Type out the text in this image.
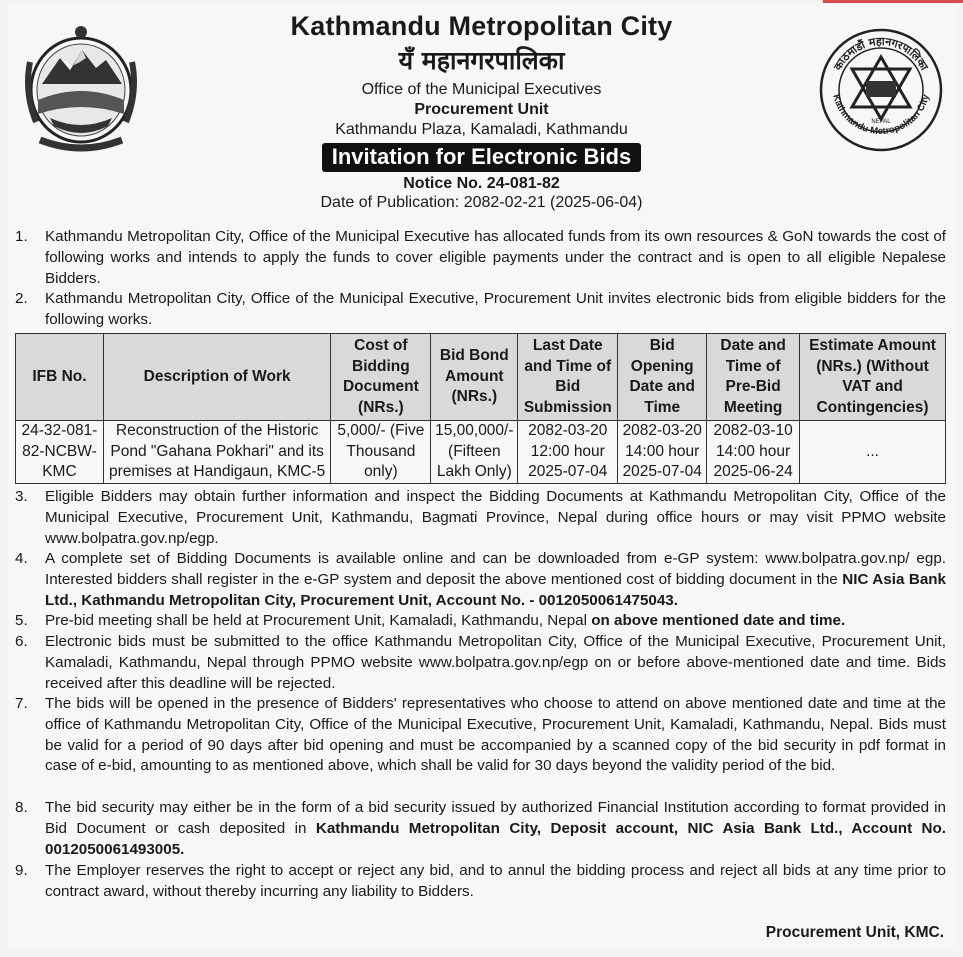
काठमाडौं महानगरपालिका
Kathmandu Metropolitan City
NEPAL
Kathmandu Metropolitan City
यँ महानगरपालिका
Office of the Municipal Executives
Procurement Unit
Kathmandu Plaza, Kamaladi, Kathmandu
Invitation for Electronic Bids
Notice No. 24-081-82
Date of Publication: 2082-02-21 (2025-06-04)
1. Kathmandu Metropolitan City, Office of the Municipal Executive has allocated funds from its own resources & GoN towards the cost of following works and intends to apply the funds to cover eligible payments under the contract and is open to all eligible Nepalese Bidders.
2. Kathmandu Metropolitan City, Office of the Municipal Executive, Procurement Unit invites electronic bids from eligible bidders for the following works.
IFB No.	Description of Work	Cost of Bidding Document (NRs.)	Bid Bond Amount (NRs.)	Last Date and Time of Bid Submission	Bid Opening Date and Time	Date and Time of Pre-Bid Meeting	Estimate Amount (NRs.) (Without VAT and Contingencies)
24-32-081-82-NCBW-KMC	Reconstruction of the Historic Pond "Gahana Pokhari" and its premises at Handigaun, KMC-5	5,000/- (Five Thousand only)	15,00,000/- (Fifteen Lakh Only)	2082-03-20 12:00 hour 2025-07-04	2082-03-20 14:00 hour 2025-07-04	2082-03-10 14:00 hour 2025-06-24	...
3. Eligible Bidders may obtain further information and inspect the Bidding Documents at Kathmandu Metropolitan City, Office of the Municipal Executive, Procurement Unit, Kathmandu, Bagmati Province, Nepal during office hours or may visit PPMO website www.bolpatra.gov.np/egp.
4. A complete set of Bidding Documents is available online and can be downloaded from e-GP system: www.bolpatra.gov.np/ egp. Interested bidders shall register in the e-GP system and deposit the above mentioned cost of bidding document in the NIC Asia Bank Ltd., Kathmandu Metropolitan City, Procurement Unit, Account No. - 0012050061475043.
5. Pre-bid meeting shall be held at Procurement Unit, Kamaladi, Kathmandu, Nepal on above mentioned date and time.
6. Electronic bids must be submitted to the office Kathmandu Metropolitan City, Office of the Municipal Executive, Procurement Unit, Kamaladi, Kathmandu, Nepal through PPMO website www.bolpatra.gov.np/egp on or before above-mentioned date and time. Bids received after this deadline will be rejected.
7. The bids will be opened in the presence of Bidders' representatives who choose to attend on above mentioned date and time at the office of Kathmandu Metropolitan City, Office of the Municipal Executive, Procurement Unit, Kamaladi, Kathmandu, Nepal. Bids must be valid for a period of 90 days after bid opening and must be accompanied by a scanned copy of the bid security in pdf format in case of e-bid, amounting to as mentioned above, which shall be valid for 30 days beyond the validity period of the bid.
8. The bid security may either be in the form of a bid security issued by authorized Financial Institution according to format provided in Bid Document or cash deposited in Kathmandu Metropolitan City, Deposit account, NIC Asia Bank Ltd., Account No. 0012050061493005.
9. The Employer reserves the right to accept or reject any bid, and to annul the bidding process and reject all bids at any time prior to contract award, without thereby incurring any liability to Bidders.
Procurement Unit, KMC.
